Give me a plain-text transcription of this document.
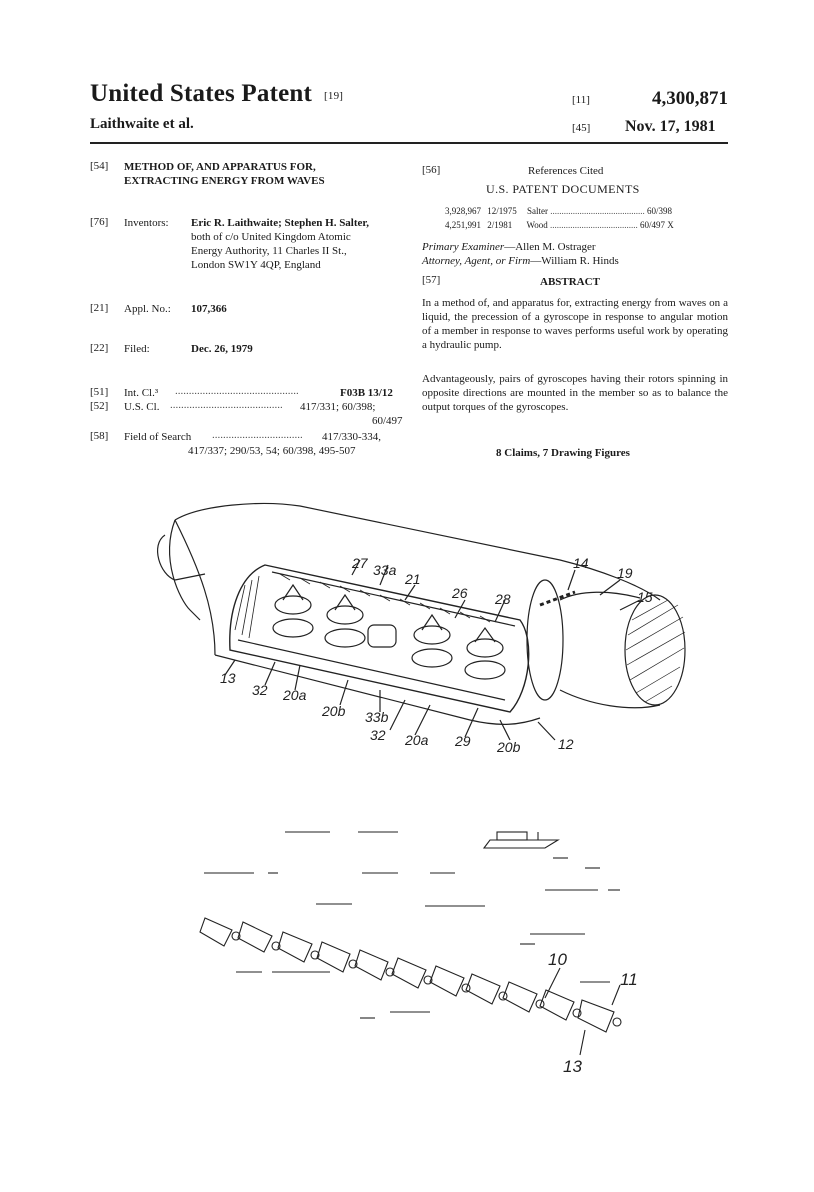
United States Patent [19]
Laithwaite et al.
[11]	4,300,871
[45] Nov. 17, 1981
[54] METHOD OF, AND APPARATUS FOR,
EXTRACTING ENERGY FROM WAVES
[76] Inventors: Eric R. Laithwaite; Stephen H. Salter,
both of c/o United Kingdom Atomic
Energy Authority, 11 Charles II St.,
London SW1Y 4QP, England
[21] Appl. No.: 107,366
[22] Filed:	Dec. 26, 1979
[51] Int. Cl.³ .............................................	F03B 13/12
[52] U.S. Cl. ......................................... 417/331; 60/398;
60/497
[58] Field of Search ................................. 417/330-334,
417/337; 290/53, 54; 60/398, 495-507
[56]	References Cited
U.S. PATENT DOCUMENTS
3,928,967 12/1975 Salter .......................................... 60/398
4,251,991 2/1981 Wood ....................................... 60/497 X
Primary Examiner—Allen M. Ostrager
Attorney, Agent, or Firm—William R. Hinds
[57]	ABSTRACT
In a method of, and apparatus for, extracting energy from waves on a liquid, the precession of a gyroscope in response to angular motion of a member in response to waves performs useful work by operating a hydraulic pump.
Advantageously, pairs of gyroscopes having their rotors spinning in opposite directions are mounted in the member so as to balance the output torques of the gyroscopes.
8 Claims, 7 Drawing Figures
27 33a
21
26 28
14
19
15
13
32 20a
20b 33b
32 20a 29 20b	12
10
11
13
